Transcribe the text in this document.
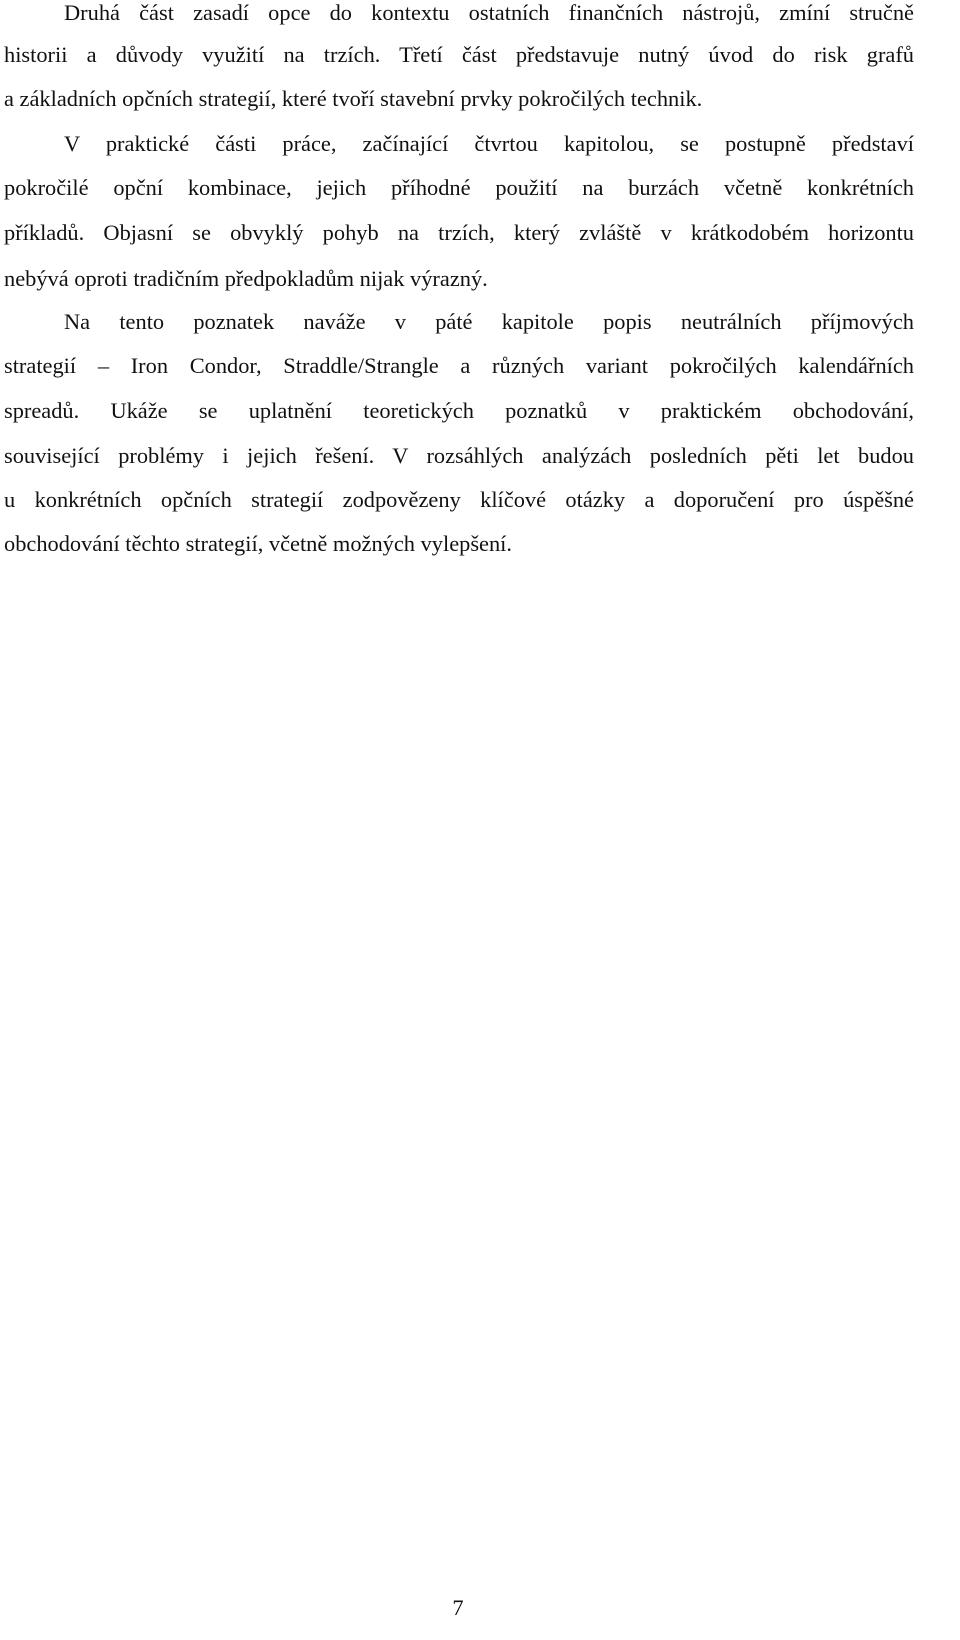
Druhá část zasadí opce do kontextu ostatních finančních nástrojů, zmíní stručně
historii a důvody využití na trzích. Třetí část představuje nutný úvod do risk grafů
a základních opčních strategií, které tvoří stavební prvky pokročilých technik.
V praktické části práce, začínající čtvrtou kapitolou, se postupně představí
pokročilé opční kombinace, jejich příhodné použití na burzách včetně konkrétních
příkladů. Objasní se obvyklý pohyb na trzích, který zvláště v krátkodobém horizontu
nebývá oproti tradičním předpokladům nijak výrazný.
Na tento poznatek naváže v páté kapitole popis neutrálních příjmových
strategií – Iron Condor, Straddle/Strangle a různých variant pokročilých kalendářních
spreadů. Ukáže se uplatnění teoretických poznatků v praktickém obchodování,
související problémy i jejich řešení. V rozsáhlých analýzách posledních pěti let budou
u konkrétních opčních strategií zodpovězeny klíčové otázky a doporučení pro úspěšné
obchodování těchto strategií, včetně možných vylepšení.
7
